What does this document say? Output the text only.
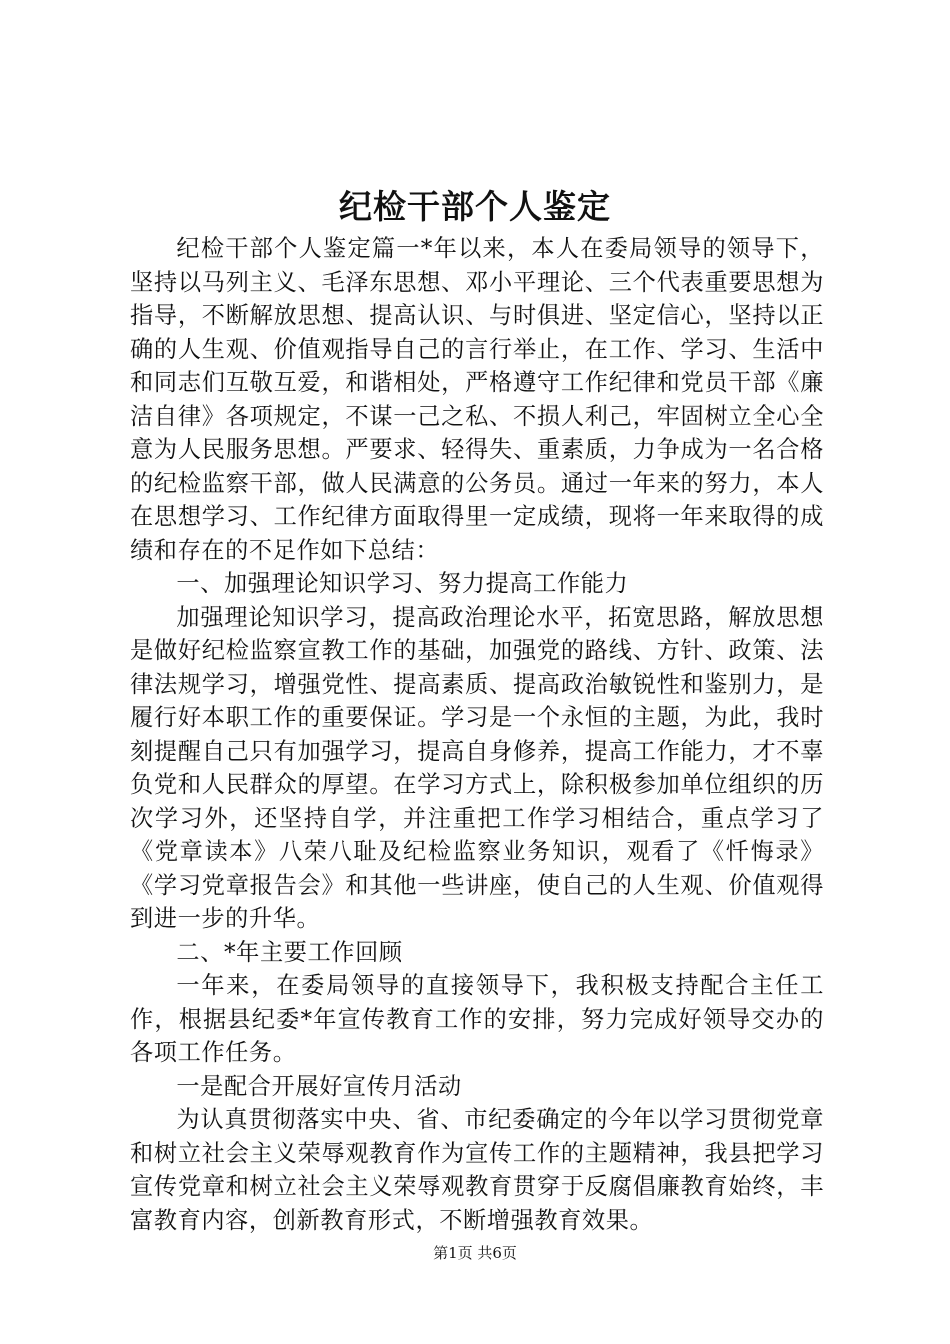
纪检干部个人鉴定

纪检干部个人鉴定篇一*年以来，本人在委局领导的领导下，坚持以马列主义、毛泽东思想、邓小平理论、三个代表重要思想为指导，不断解放思想、提高认识、与时俱进、坚定信心，坚持以正确的人生观、价值观指导自己的言行举止，在工作、学习、生活中和同志们互敬互爱，和谐相处，严格遵守工作纪律和党员干部《廉洁自律》各项规定，不谋一己之私、不损人利己，牢固树立全心全意为人民服务思想。严要求、轻得失、重素质，力争成为一名合格的纪检监察干部，做人民满意的公务员。通过一年来的努力，本人在思想学习、工作纪律方面取得里一定成绩，现将一年来取得的成绩和存在的不足作如下总结：

一、加强理论知识学习、努力提高工作能力

加强理论知识学习，提高政治理论水平，拓宽思路，解放思想是做好纪检监察宣教工作的基础，加强党的路线、方针、政策、法律法规学习，增强党性、提高素质、提高政治敏锐性和鉴别力，是履行好本职工作的重要保证。学习是一个永恒的主题，为此，我时刻提醒自己只有加强学习，提高自身修养，提高工作能力，才不辜负党和人民群众的厚望。在学习方式上，除积极参加单位组织的历次学习外，还坚持自学，并注重把工作学习相结合，重点学习了《党章读本》八荣八耻及纪检监察业务知识，观看了《忏悔录》《学习党章报告会》和其他一些讲座，使自己的人生观、价值观得到进一步的升华。

二、*年主要工作回顾

一年来，在委局领导的直接领导下，我积极支持配合主任工作，根据县纪委*年宣传教育工作的安排，努力完成好领导交办的各项工作任务。

一是配合开展好宣传月活动

为认真贯彻落实中央、省、市纪委确定的今年以学习贯彻党章和树立社会主义荣辱观教育作为宣传工作的主题精神，我县把学习宣传党章和树立社会主义荣辱观教育贯穿于反腐倡廉教育始终，丰富教育内容，创新教育形式，不断增强教育效果。

第1页 共6页
